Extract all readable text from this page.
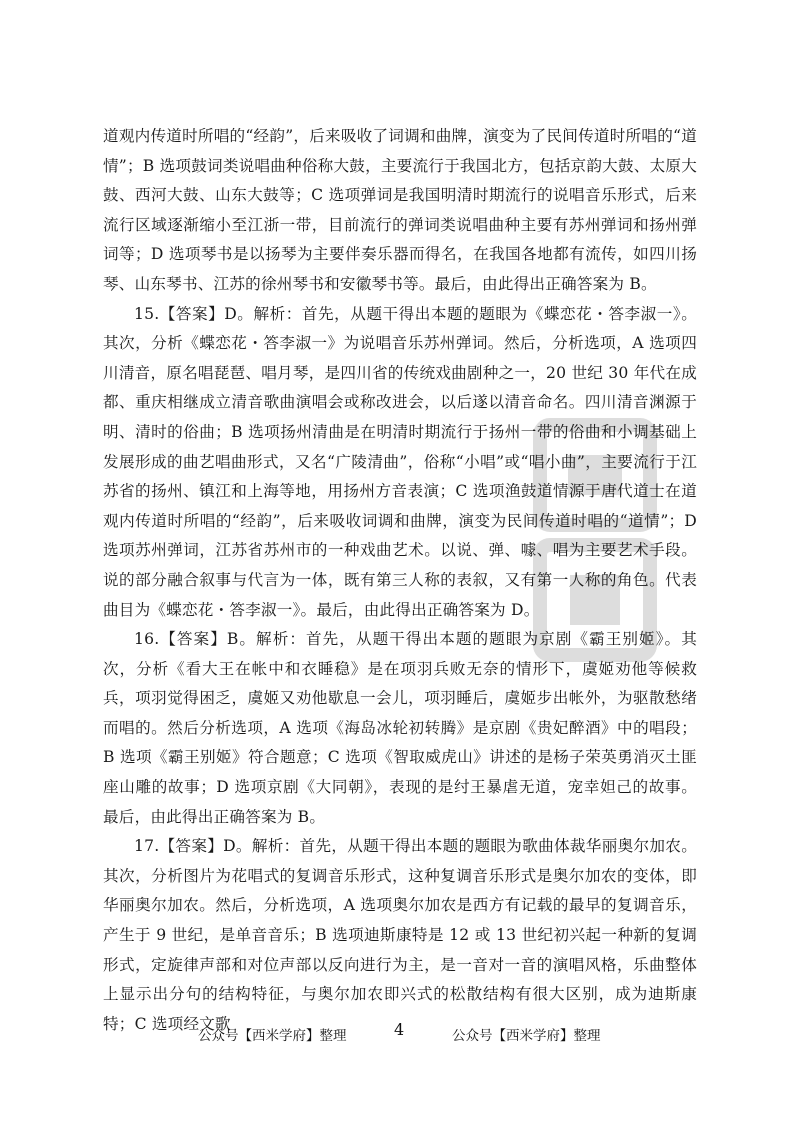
道观内传道时所唱的“经韵”，后来吸收了词调和曲牌，演变为了民间传道时所唱的“道情”；B 选项鼓词类说唱曲种俗称大鼓，主要流行于我国北方，包括京韵大鼓、太原大鼓、西河大鼓、山东大鼓等；C 选项弹词是我国明清时期流行的说唱音乐形式，后来流行区域逐渐缩小至江浙一带，目前流行的弹词类说唱曲种主要有苏州弹词和扬州弹词等；D 选项琴书是以扬琴为主要伴奏乐器而得名，在我国各地都有流传，如四川扬琴、山东琴书、江苏的徐州琴书和安徽琴书等。最后，由此得出正确答案为 B。

15.【答案】D。解析：首先，从题干得出本题的题眼为《蝶恋花・答李淑一》。其次，分析《蝶恋花・答李淑一》为说唱音乐苏州弹词。然后，分析选项，A 选项四川清音，原名唱琵琶、唱月琴，是四川省的传统戏曲剧种之一，20 世纪 30 年代在成都、重庆相继成立清音歌曲演唱会或称改进会，以后遂以清音命名。四川清音渊源于明、清时的俗曲；B 选项扬州清曲是在明清时期流行于扬州一带的俗曲和小调基础上发展形成的曲艺唱曲形式，又名“广陵清曲”，俗称“小唱”或“唱小曲”，主要流行于江苏省的扬州、镇江和上海等地，用扬州方音表演；C 选项渔鼓道情源于唐代道士在道观内传道时所唱的“经韵”，后来吸收词调和曲牌，演变为民间传道时唱的“道情”；D 选项苏州弹词，江苏省苏州市的一种戏曲艺术。以说、弹、噱、唱为主要艺术手段。说的部分融合叙事与代言为一体，既有第三人称的表叙，又有第一人称的角色。代表曲目为《蝶恋花・答李淑一》。最后，由此得出正确答案为 D。

16.【答案】B。解析：首先，从题干得出本题的题眼为京剧《霸王别姬》。其次，分析《看大王在帐中和衣睡稳》是在项羽兵败无奈的情形下，虞姬劝他等候救兵，项羽觉得困乏，虞姬又劝他歇息一会儿，项羽睡后，虞姬步出帐外，为驱散愁绪而唱的。然后分析选项，A 选项《海岛冰轮初转腾》是京剧《贵妃醉酒》中的唱段；B 选项《霸王别姬》符合题意；C 选项《智取威虎山》讲述的是杨子荣英勇消灭土匪座山雕的故事；D 选项京剧《大同朝》，表现的是纣王暴虐无道，宠幸妲己的故事。最后，由此得出正确答案为 B。

17.【答案】D。解析：首先，从题干得出本题的题眼为歌曲体裁华丽奥尔加农。其次，分析图片为花唱式的复调音乐形式，这种复调音乐形式是奥尔加农的变体，即华丽奥尔加农。然后，分析选项，A 选项奥尔加农是西方有记载的最早的复调音乐，产生于 9 世纪，是单音音乐；B 选项迪斯康特是 12 或 13 世纪初兴起一种新的复调形式，定旋律声部和对位声部以反向进行为主，是一音对一音的演唱风格，乐曲整体上显示出分句的结构特征，与奥尔加农即兴式的松散结构有很大区别，成为迪斯康特；C 选项经文歌

公众号【西米学府】整理	4	公众号【西米学府】整理
